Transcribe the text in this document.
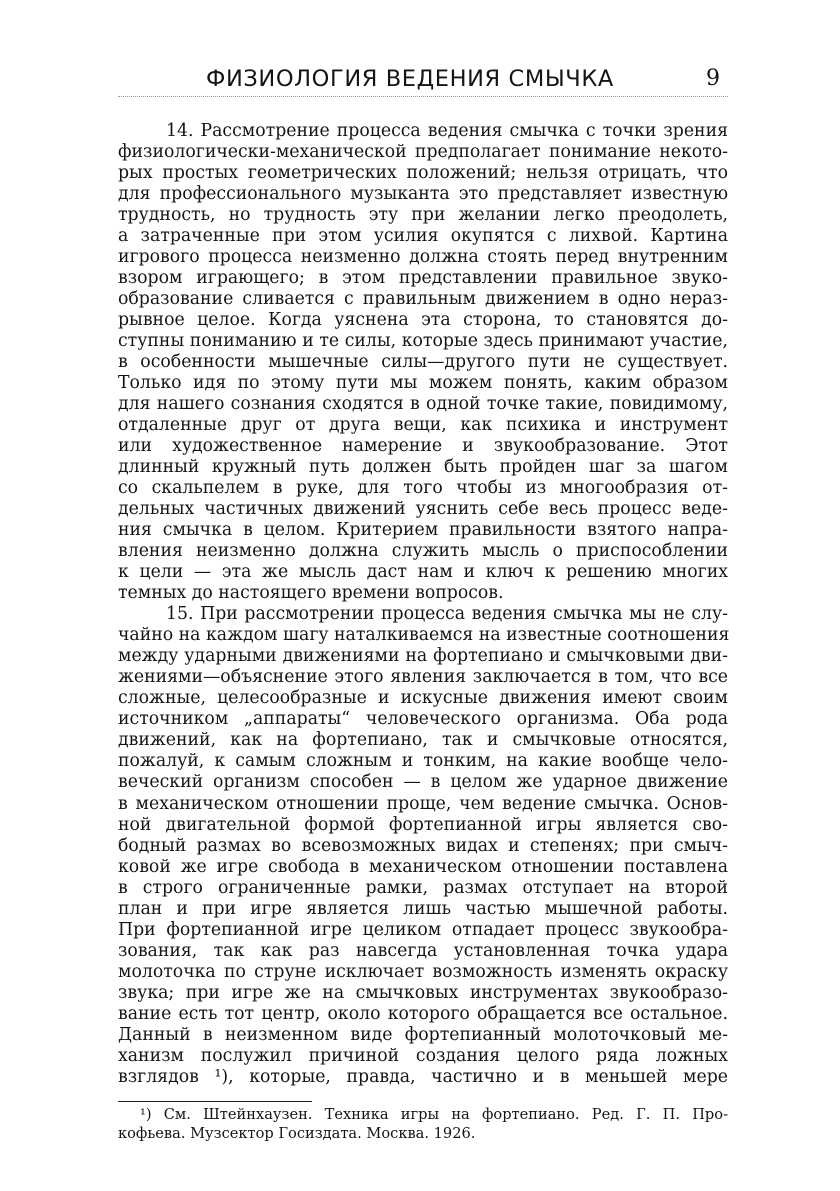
ФИЗИОЛОГИЯ ВЕДЕНИЯ СМЫЧКА	9
14. Рассмотрение процесса ведения смычка с точки зрения
физиологически-механической предполагает понимание некото-
рых простых геометрических положений; нельзя отрицать, что
для профессионального музыканта это представляет известную
трудность, но трудность эту при желании легко преодолеть,
а затраченные при этом усилия окупятся с лихвой. Картина
игрового процесса неизменно должна стоять перед внутренним
взором играющего; в этом представлении правильное звуко-
образование сливается с правильным движением в одно нераз-
рывное целое. Когда уяснена эта сторона, то становятся до-
ступны пониманию и те силы, которые здесь принимают участие,
в особенности мышечные силы—другого пути не существует.
Только идя по этому пути мы можем понять, каким образом
для нашего сознания сходятся в одной точке такие, повидимому,
отдаленные друг от друга вещи, как психика и инструмент
или художественное намерение и звукообразование. Этот
длинный кружный путь должен быть пройден шаг за шагом
со скальпелем в руке, для того чтобы из многообразия от-
дельных частичных движений уяснить себе весь процесс веде-
ния смычка в целом. Критерием правильности взятого напра-
вления неизменно должна служить мысль о приспособлении
к цели — эта же мысль даст нам и ключ к решению многих
темных до настоящего времени вопросов.
15. При рассмотрении процесса ведения смычка мы не слу-
чайно на каждом шагу наталкиваемся на известные соотношения
между ударными движениями на фортепиано и смычковыми дви-
жениями—объяснение этого явления заключается в том, что все
сложные, целесообразные и искусные движения имеют своим
источником „аппараты“ человеческого организма. Оба рода
движений, как на фортепиано, так и смычковые относятся,
пожалуй, к самым сложным и тонким, на какие вообще чело-
веческий организм способен — в целом же ударное движение
в механическом отношении проще, чем ведение смычка. Основ-
ной двигательной формой фортепианной игры является сво-
бодный размах во всевозможных видах и степенях; при смыч-
ковой же игре свобода в механическом отношении поставлена
в строго ограниченные рамки, размах отступает на второй
план и при игре является лишь частью мышечной работы.
При фортепианной игре целиком отпадает процесс звукообра-
зования, так как раз навсегда установленная точка удара
молоточка по струне исключает возможность изменять окраску
звука; при игре же на смычковых инструментах звукообразо-
вание есть тот центр, около которого обращается все остальное.
Данный в неизменном виде фортепианный молоточковый ме-
ханизм послужил причиной создания целого ряда ложных
взглядов ¹), которые, правда, частично и в меньшей мере
¹) См. Штейнхаузен. Техника игры на фортепиано. Ред. Г. П. Про-
кофьева. Музсектор Госиздата. Москва. 1926.
